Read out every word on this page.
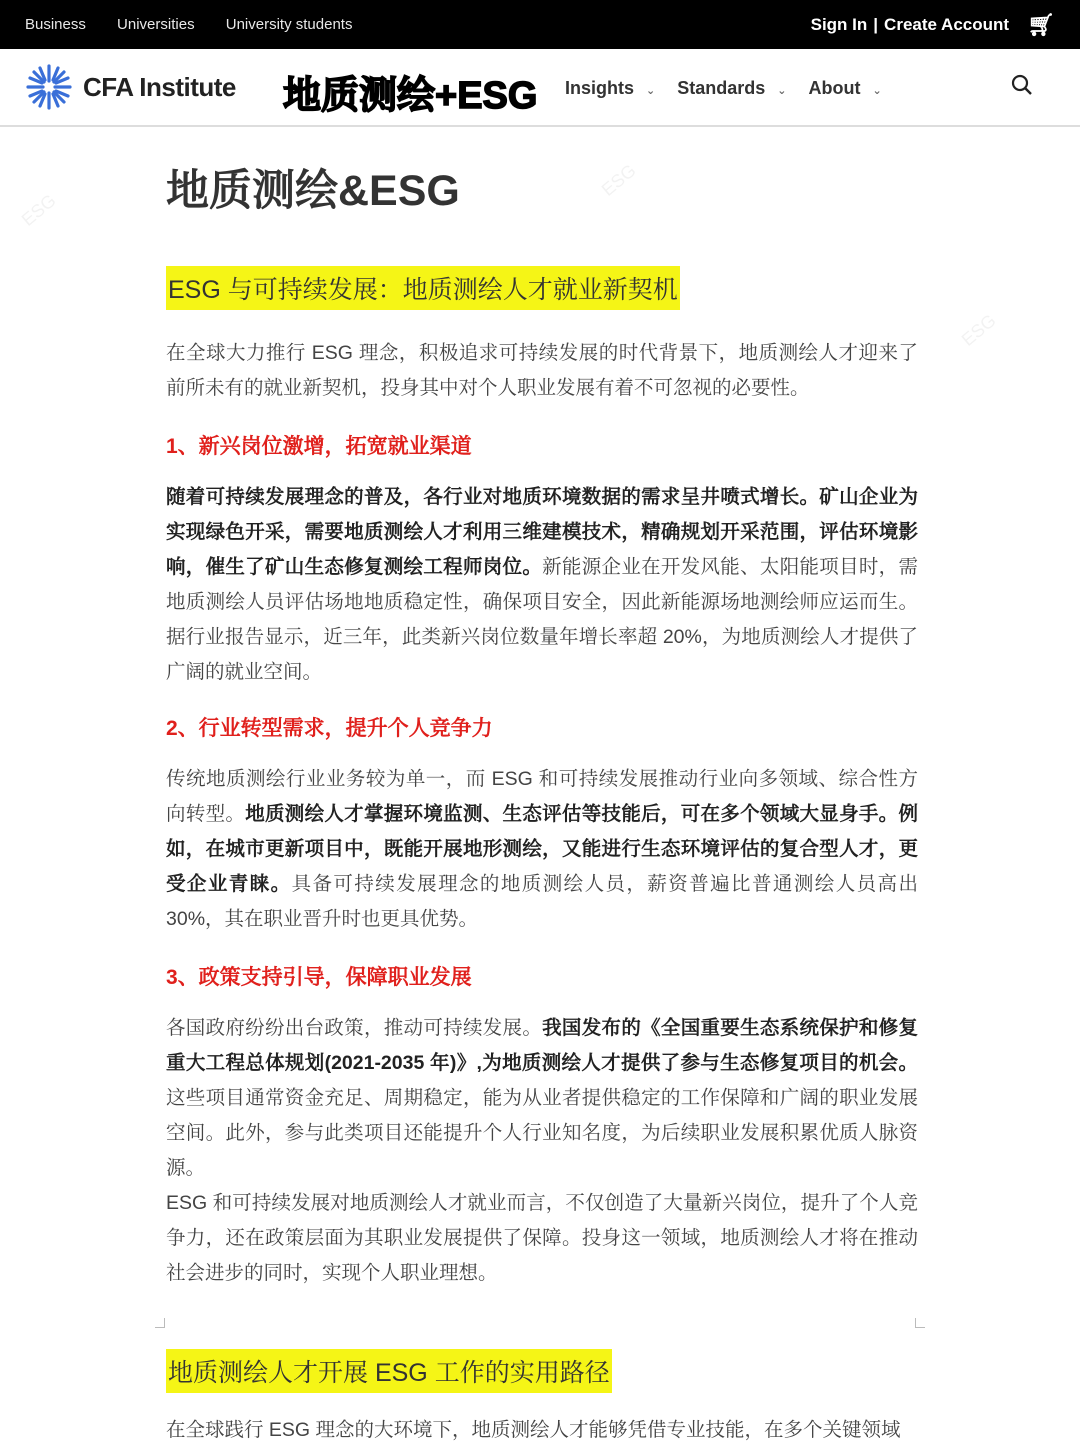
Business Universities University students	Sign In | Create Account 🛒︎
CFA Institute 地质测绘+ESG Insights ⌄ Standards ⌄ About ⌄
ESG
ESG
ESG
地质测绘&ESG
ESG 与可持续发展：地质测绘人才就业新契机

在全球大力推行 ESG 理念，积极追求可持续发展的时代背景下，地质测绘人才迎来了前所未有的就业新契机，投身其中对个人职业发展有着不可忽视的必要性。

1、新兴岗位激增，拓宽就业渠道

随着可持续发展理念的普及，各行业对地质环境数据的需求呈井喷式增长。矿山企业为实现绿色开采，需要地质测绘人才利用三维建模技术，精确规划开采范围，评估环境影响，催生了矿山生态修复测绘工程师岗位。新能源企业在开发风能、太阳能项目时，需地质测绘人员评估场地地质稳定性，确保项目安全，因此新能源场地测绘师应运而生。据行业报告显示，近三年，此类新兴岗位数量年增长率超 20%，为地质测绘人才提供了广阔的就业空间。

2、行业转型需求，提升个人竞争力

传统地质测绘行业业务较为单一，而 ESG 和可持续发展推动行业向多领域、综合性方向转型。地质测绘人才掌握环境监测、生态评估等技能后，可在多个领域大显身手。例如，在城市更新项目中，既能开展地形测绘，又能进行生态环境评估的复合型人才，更受企业青睐。具备可持续发展理念的地质测绘人员，薪资普遍比普通测绘人员高出 30%，其在职业晋升时也更具优势。

3、政策支持引导，保障职业发展

各国政府纷纷出台政策，推动可持续发展。我国发布的《全国重要生态系统保护和修复重大工程总体规划(2021-2035 年)》,为地质测绘人才提供了参与生态修复项目的机会。这些项目通常资金充足、周期稳定，能为从业者提供稳定的工作保障和广阔的职业发展空间。此外，参与此类项目还能提升个人行业知名度，为后续职业发展积累优质人脉资源。

ESG 和可持续发展对地质测绘人才就业而言，不仅创造了大量新兴岗位，提升了个人竞争力，还在政策层面为其职业发展提供了保障。投身这一领域，地质测绘人才将在推动社会进步的同时，实现个人职业理想。

地质测绘人才开展 ESG 工作的实用路径

在全球践行 ESG 理念的大环境下，地质测绘人才能够凭借专业技能，在多个关键领域
